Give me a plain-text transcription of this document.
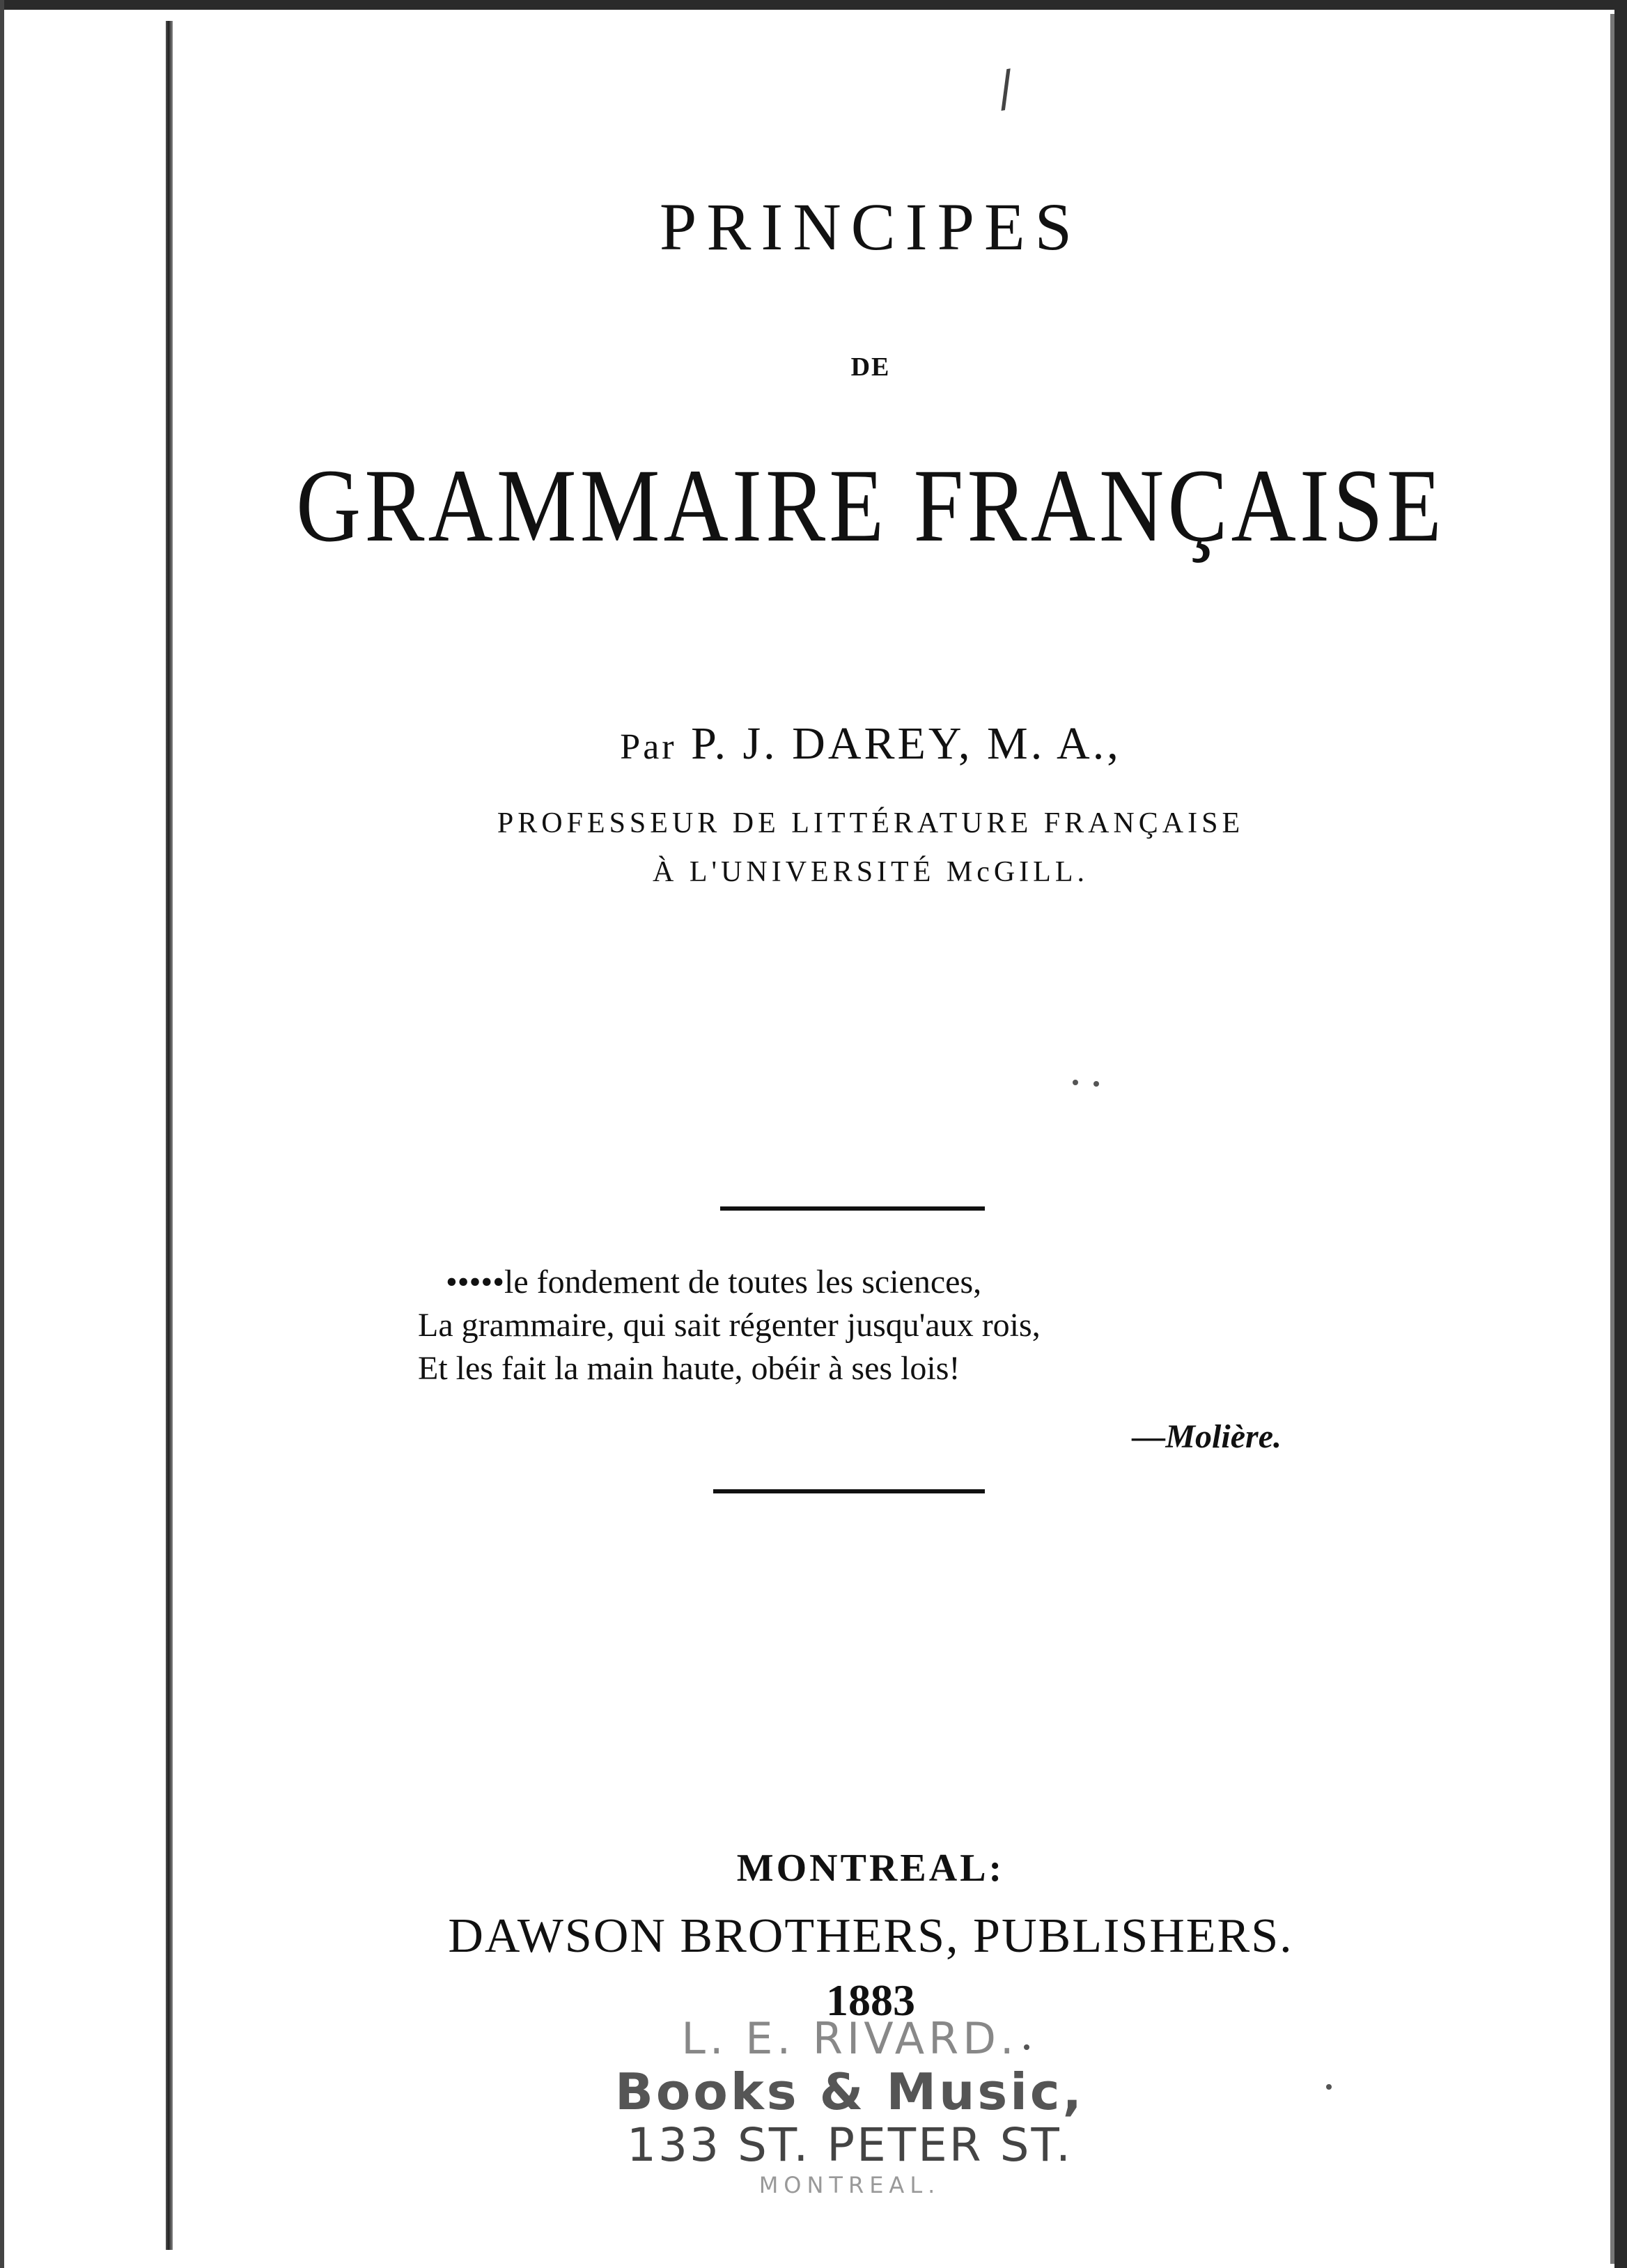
/
PRINCIPES
DE
GRAMMAIRE FRANÇAISE
Par P. J. DAREY, M. A.,
PROFESSEUR DE LITTÉRATURE FRANÇAISE
À L'UNIVERSITÉ McGILL.
•••••le fondement de toutes les sciences,
La grammaire, qui sait régenter jusqu'aux rois,
Et les fait la main haute, obéir à ses lois!
—Molière.
MONTREAL:
DAWSON BROTHERS, PUBLISHERS.
1883
L. E. RIVARD.
Books & Music,
133 ST. PETER ST.
MONTREAL.
